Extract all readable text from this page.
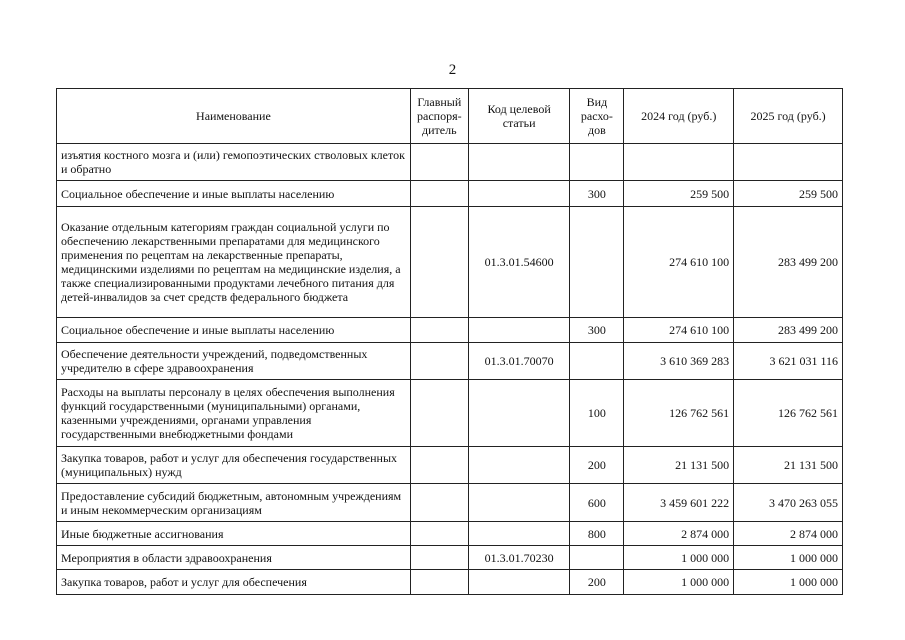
2
Наименование	Главный распоря-дитель	Код целевой статьи	Вид расхо-дов	2024 год (руб.)	2025 год (руб.)
изъятия костного мозга и (или) гемопоэтических стволовых клеток и обратно					
Социальное обеспечение и иные выплаты населению			300	259 500	259 500
Оказание отдельным категориям граждан социальной услуги по обеспечению лекарственными препаратами для медицинского применения по рецептам на лекарственные препараты, медицинскими изделиями по рецептам на медицинские изделия, а также специализированными продуктами лечебного питания для детей-инвалидов за счет средств федерального бюджета		01.3.01.54600		274 610 100	283 499 200
Социальное обеспечение и иные выплаты населению			300	274 610 100	283 499 200
Обеспечение деятельности учреждений, подведомственных учредителю в сфере здравоохранения		01.3.01.70070		3 610 369 283	3 621 031 116
Расходы на выплаты персоналу в целях обеспечения выполнения функций государственными (муниципальными) органами, казенными учреждениями, органами управления государственными внебюджетными фондами			100	126 762 561	126 762 561
Закупка товаров, работ и услуг для обеспечения государственных (муниципальных) нужд			200	21 131 500	21 131 500
Предоставление субсидий бюджетным, автономным учреждениям и иным некоммерческим организациям			600	3 459 601 222	3 470 263 055
Иные бюджетные ассигнования			800	2 874 000	2 874 000
Мероприятия в области здравоохранения		01.3.01.70230		1 000 000	1 000 000
Закупка товаров, работ и услуг для обеспечения			200	1 000 000	1 000 000
